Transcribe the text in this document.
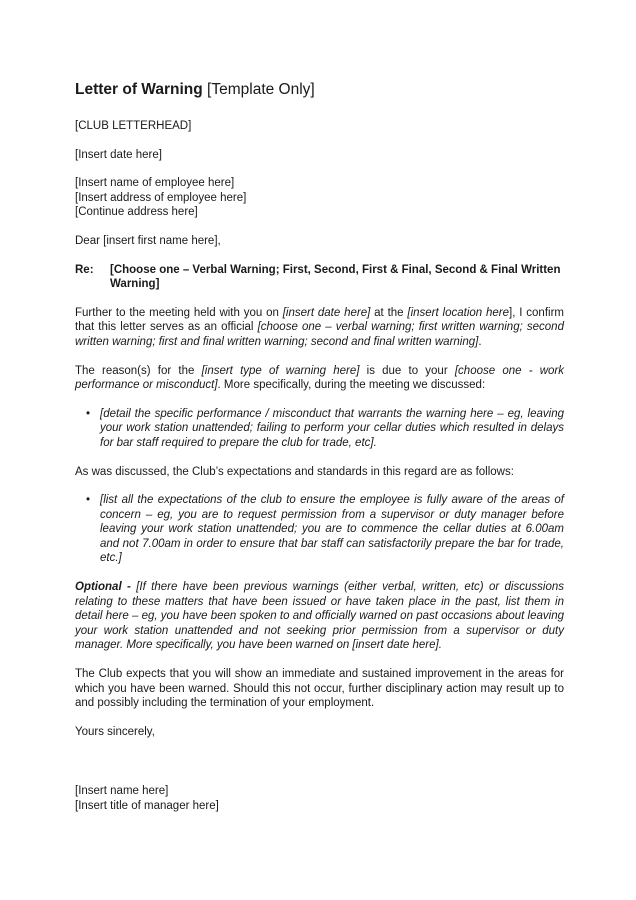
Letter of Warning [Template Only]

[CLUB LETTERHEAD]

[Insert date here]

[Insert name of employee here]

[Insert address of employee here]

[Continue address here]

Dear [insert first name here],

Re:	[Choose one – Verbal Warning; First, Second, First & Final, Second & Final Written Warning]

Further to the meeting held with you on [insert date here] at the [insert location here], I confirm that this letter serves as an official [choose one – verbal warning; first written warning; second written warning; first and final written warning; second and final written warning].

The reason(s) for the [insert type of warning here] is due to your [choose one - work performance or misconduct]. More specifically, during the meeting we discussed:

• [detail the specific performance / misconduct that warrants the warning here – eg, leaving your work station unattended; failing to perform your cellar duties which resulted in delays for bar staff required to prepare the club for trade, etc].

As was discussed, the Club’s expectations and standards in this regard are as follows:

• [list all the expectations of the club to ensure the employee is fully aware of the areas of concern – eg, you are to request permission from a supervisor or duty manager before leaving your work station unattended; you are to commence the cellar duties at 6.00am and not 7.00am in order to ensure that bar staff can satisfactorily prepare the bar for trade, etc.]

Optional - [If there have been previous warnings (either verbal, written, etc) or discussions relating to these matters that have been issued or have taken place in the past, list them in detail here – eg, you have been spoken to and officially warned on past occasions about leaving your work station unattended and not seeking prior permission from a supervisor or duty manager. More specifically, you have been warned on [insert date here].

The Club expects that you will show an immediate and sustained improvement in the areas for which you have been warned. Should this not occur, further disciplinary action may result up to and possibly including the termination of your employment.

Yours sincerely,

[Insert name here]

[Insert title of manager here]
